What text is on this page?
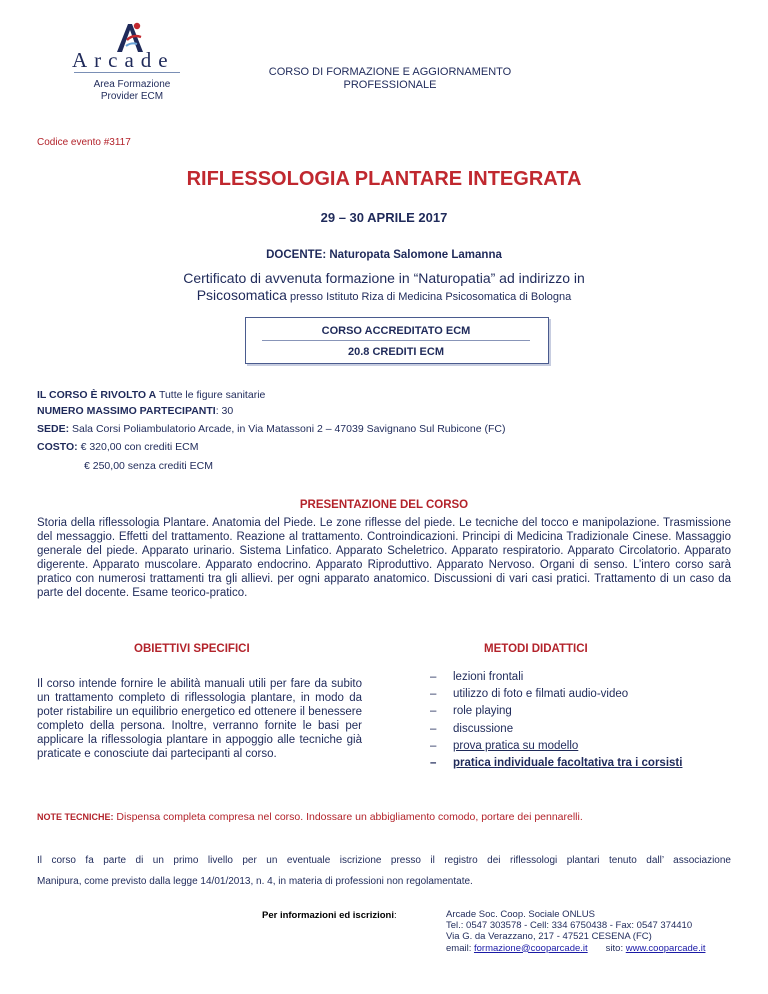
Arcade
Area Formazione
Provider ECM
CORSO DI FORMAZIONE E AGGIORNAMENTO
PROFESSIONALE
Codice evento #3117
RIFLESSOLOGIA PLANTARE INTEGRATA
29 – 30 APRILE 2017
DOCENTE: Naturopata Salomone Lamanna
Certificato di avvenuta formazione in “Naturopatia” ad indirizzo in
Psicosomatica presso Istituto Riza di Medicina Psicosomatica di Bologna
CORSO ACCREDITATO ECM
20.8 CREDITI ECM
IL CORSO È RIVOLTO A Tutte le figure sanitarie
NUMERO MASSIMO PARTECIPANTI: 30
SEDE: Sala Corsi Poliambulatorio Arcade, in Via Matassoni 2 – 47039 Savignano Sul Rubicone (FC)
COSTO: € 320,00 con crediti ECM
€ 250,00 senza crediti ECM
PRESENTAZIONE DEL CORSO
Storia della riflessologia Plantare. Anatomia del Piede. Le zone riflesse del piede. Le tecniche del tocco e manipolazione. Trasmissione del messaggio. Effetti del trattamento. Reazione al trattamento. Controindicazioni. Principi di Medicina Tradizionale Cinese. Massaggio generale del piede. Apparato urinario. Sistema Linfatico. Apparato Scheletrico. Apparato respiratorio. Apparato Circolatorio. Apparato digerente. Apparato muscolare. Apparato endocrino. Apparato Riproduttivo. Apparato Nervoso. Organi di senso. L’intero corso sarà pratico con numerosi trattamenti tra gli allievi. per ogni apparato anatomico. Discussioni di vari casi pratici. Trattamento di un caso da parte del docente. Esame teorico-pratico.
OBIETTIVI SPECIFICI	METODI DIDATTICI
Il corso intende fornire le abilità manuali utili per fare da subito un trattamento completo di riflessologia plantare, in modo da poter ristabilire un equilibrio energetico ed ottenere il benessere completo della persona. Inoltre, verranno fornite le basi per applicare la riflessologia plantare in appoggio alle tecniche già praticate e conosciute dai partecipanti al corso.
– lezioni frontali
– utilizzo di foto e filmati audio-video
– role playing
– discussione
– prova pratica su modello
– pratica individuale facoltativa tra i corsisti
NOTE TECNICHE: Dispensa completa compresa nel corso. Indossare un abbigliamento comodo, portare dei pennarelli.
Il corso fa parte di un primo livello per un eventuale iscrizione presso il registro dei riflessologi plantari tenuto dall’ associazione
Manipura, come previsto dalla legge 14/01/2013, n. 4, in materia di professioni non regolamentate.
Per informazioni ed iscrizioni:	Arcade Soc. Coop. Sociale ONLUS
Tel.: 0547 303578 - Cell: 334 6750438 - Fax: 0547 374410
Via G. da Verazzano, 217 - 47521 CESENA (FC)
email: formazione@cooparcade.it sito: www.cooparcade.it
